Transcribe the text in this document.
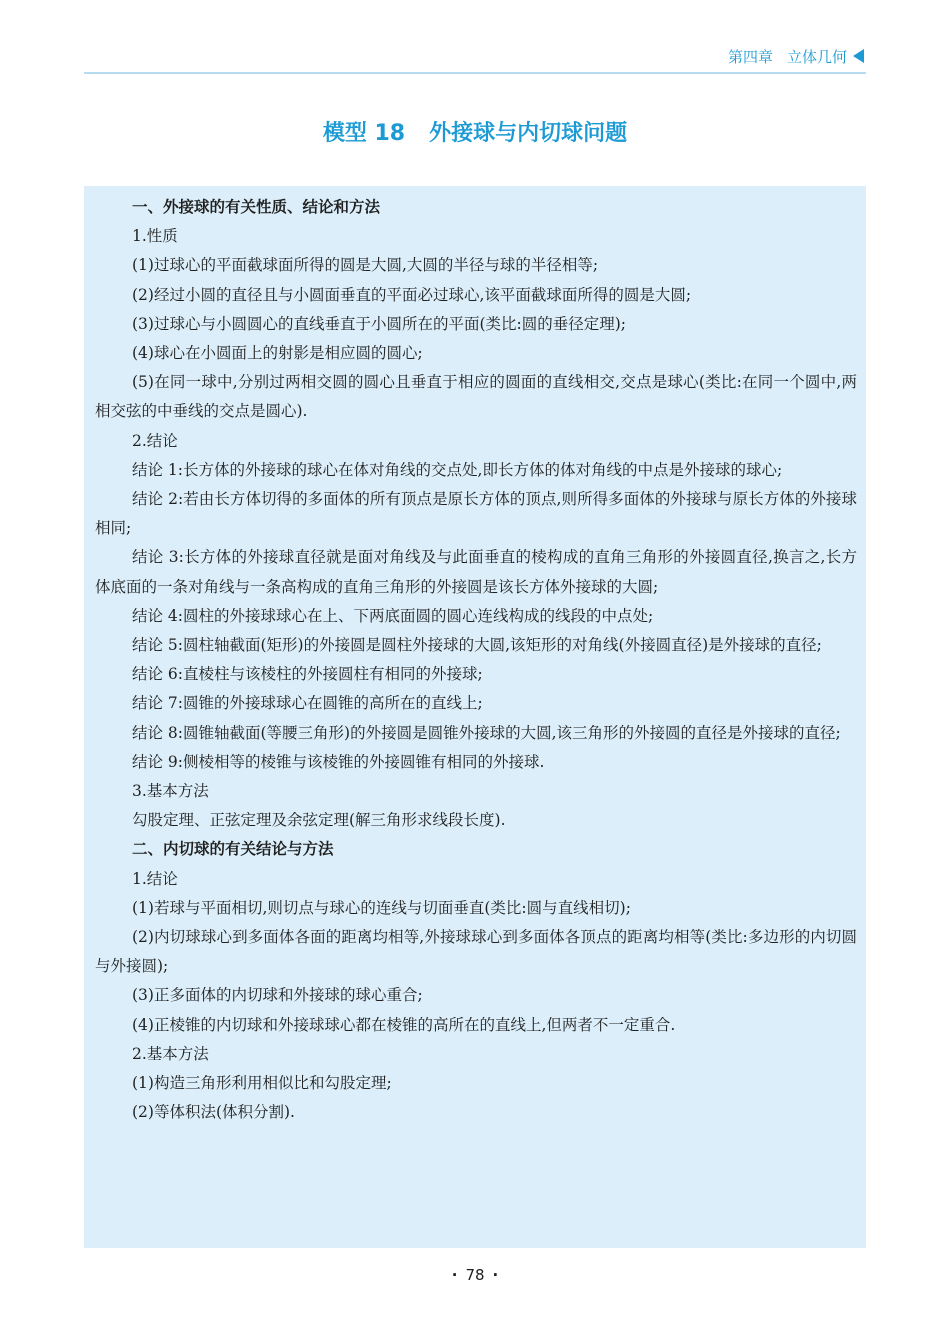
第四章 立体几何
模型 18 外接球与内切球问题

一、外接球的有关性质、结论和方法

1.性质

(1)过球心的平面截球面所得的圆是大圆,大圆的半径与球的半径相等;

(2)经过小圆的直径且与小圆面垂直的平面必过球心,该平面截球面所得的圆是大圆;

(3)过球心与小圆圆心的直线垂直于小圆所在的平面(类比:圆的垂径定理);

(4)球心在小圆面上的射影是相应圆的圆心;

(5)在同一球中,分别过两相交圆的圆心且垂直于相应的圆面的直线相交,交点是球心(类比:在同一个圆中,两相交弦的中垂线的交点是圆心).

2.结论

结论 1:长方体的外接球的球心在体对角线的交点处,即长方体的体对角线的中点是外接球的球心;

结论 2:若由长方体切得的多面体的所有顶点是原长方体的顶点,则所得多面体的外接球与原长方体的外接球相同;

结论 3:长方体的外接球直径就是面对角线及与此面垂直的棱构成的直角三角形的外接圆直径,换言之,长方体底面的一条对角线与一条高构成的直角三角形的外接圆是该长方体外接球的大圆;

结论 4:圆柱的外接球球心在上、下两底面圆的圆心连线构成的线段的中点处;

结论 5:圆柱轴截面(矩形)的外接圆是圆柱外接球的大圆,该矩形的对角线(外接圆直径)是外接球的直径;

结论 6:直棱柱与该棱柱的外接圆柱有相同的外接球;

结论 7:圆锥的外接球球心在圆锥的高所在的直线上;

结论 8:圆锥轴截面(等腰三角形)的外接圆是圆锥外接球的大圆,该三角形的外接圆的直径是外接球的直径;

结论 9:侧棱相等的棱锥与该棱锥的外接圆锥有相同的外接球.

3.基本方法

勾股定理、正弦定理及余弦定理(解三角形求线段长度).

二、内切球的有关结论与方法

1.结论

(1)若球与平面相切,则切点与球心的连线与切面垂直(类比:圆与直线相切);

(2)内切球球心到多面体各面的距离均相等,外接球球心到多面体各顶点的距离均相等(类比:多边形的内切圆与外接圆);

(3)正多面体的内切球和外接球的球心重合;

(4)正棱锥的内切球和外接球球心都在棱锥的高所在的直线上,但两者不一定重合.

2.基本方法

(1)构造三角形利用相似比和勾股定理;

(2)等体积法(体积分割).

· 78 ·
